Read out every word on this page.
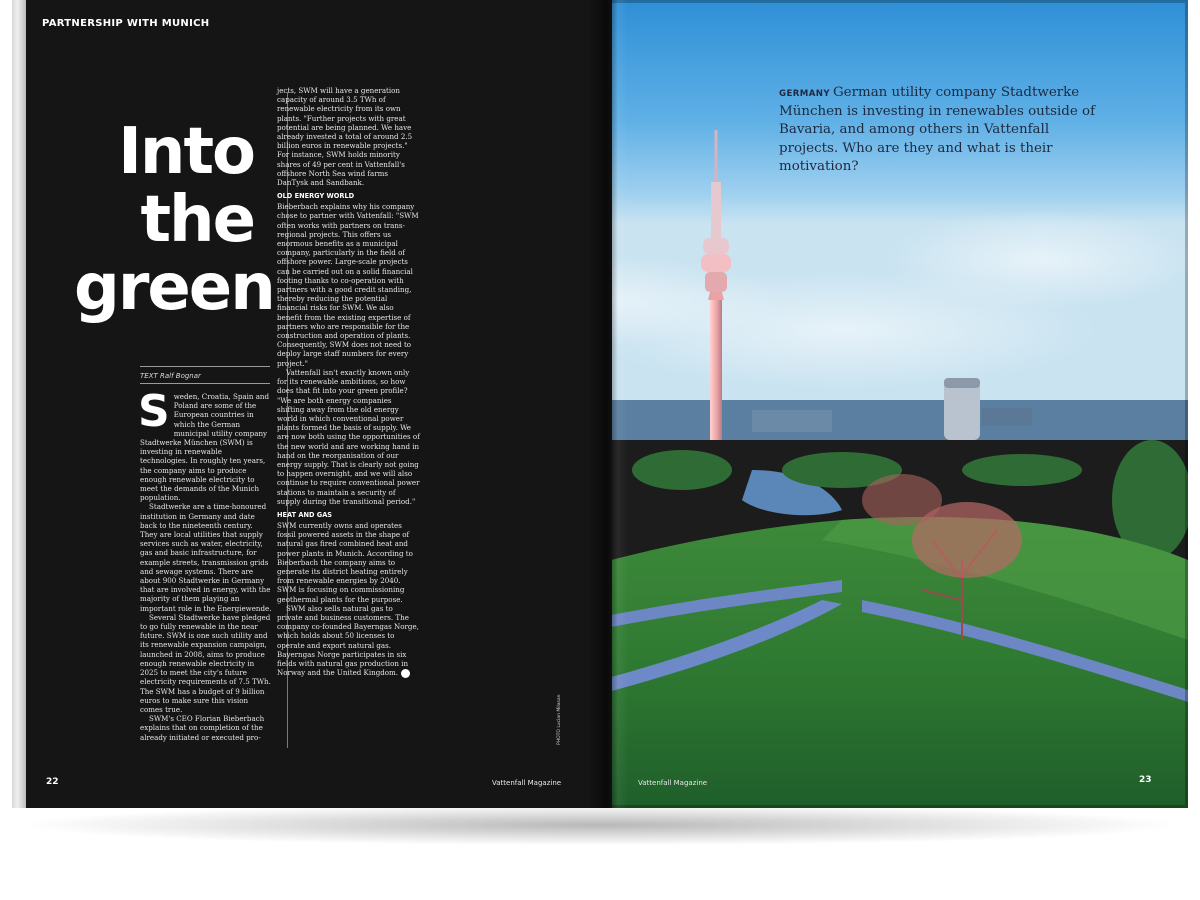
PARTNERSHIP WITH MUNICH
Into
the
green
TEXT Ralf Bognar

Sweden, Croatia, Spain and Poland are some of the European countries in which the German municipal utility company Stadtwerke München (SWM) is investing in renewable technologies. In roughly ten years, the company aims to produce enough renewable electricity to meet the demands of the Munich population.

Stadtwerke are a time-honoured institution in Germany and date back to the nineteenth century. They are local utilities that supply services such as water, electricity, gas and basic infrastructure, for example streets, transmission grids and sewage systems. There are about 900 Stadtwerke in Germany that are involved in energy, with the majority of them playing an important role in the Energiewende.

Several Stadtwerke have pledged to go fully renewable in the near future. SWM is one such utility and its renewable expansion campaign, launched in 2008, aims to produce enough renewable electricity in 2025 to meet the city's future electricity requirements of 7.5 TWh. The SWM has a budget of 9 billion euros to make sure this vision comes true.

SWM's CEO Florian Bieberbach explains that on completion of the already initiated or executed pro-

jects, SWM will have a generation capacity of around 3.5 TWh of renewable electricity from its own plants. "Further projects with great potential are being planned. We have already invested a total of around 2.5 billion euros in renewable projects." For instance, SWM holds minority shares of 49 per cent in Vattenfall's offshore North Sea wind farms DanTysk and Sandbank.

OLD ENERGY WORLD

Bieberbach explains why his company chose to partner with Vattenfall: "SWM often works with partners on trans-regional projects. This offers us enormous benefits as a municipal company, particularly in the field of offshore power. Large-scale projects can be carried out on a solid financial footing thanks to co-operation with partners with a good credit standing, thereby reducing the potential financial risks for SWM. We also benefit from the existing expertise of partners who are responsible for the construction and operation of plants. Consequently, SWM does not need to deploy large staff numbers for every project."

Vattenfall isn't exactly known only for its renewable ambitions, so how does that fit into your green profile? "We are both energy companies shifting away from the old energy world in which conventional power plants formed the basis of supply. We are now both using the opportunities of the new world and are working hand in hand on the reorganisation of our energy supply. That is clearly not going to happen overnight, and we will also continue to require conventional power stations to maintain a security of supply during the transitional period."

HEAT AND GAS

SWM currently owns and operates fossil powered assets in the shape of natural gas fired combined heat and power plants in Munich. According to Bieberbach the company aims to generate its district heating entirely from renewable energies by 2040. SWM is focusing on commissioning geothermal plants for the purpose.

SWM also sells natural gas to private and business customers. The company co-founded Bayerngas Norge, which holds about 50 licenses to operate and export natural gas. Bayerngas Norge participates in six fields with natural gas production in Norway and the United Kingdom. ➜

22
PHOTO Lucian Milasan
Vattenfall Magazine	Vattenfall Magazine	23
GERMANY German utility company Stadtwerke München is investing in renewables outside of Bavaria, and among others in Vattenfall projects. Who are they and what is their motivation?
